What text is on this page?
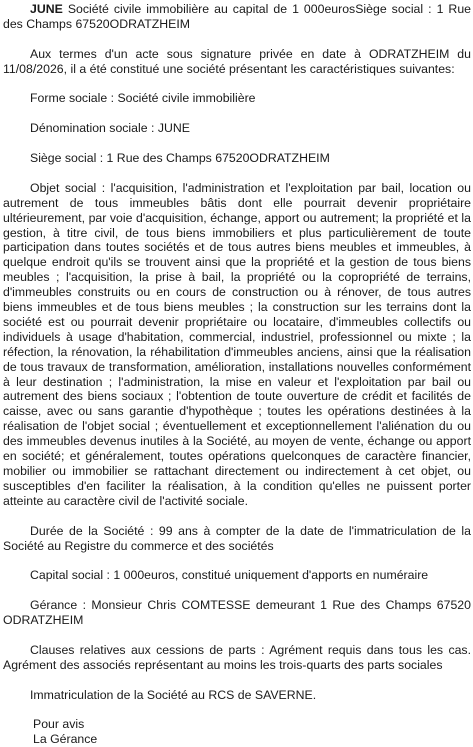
JUNE Société civile immobilière au capital de 1 000eurosSiège social : 1 Rue des Champs 67520ODRATZHEIM

Aux termes d'un acte sous signature privée en date à ODRATZHEIM du 11/08/2026, il a été constitué une société présentant les caractéristiques suivantes:

Forme sociale : Société civile immobilière

Dénomination sociale : JUNE

Siège social : 1 Rue des Champs 67520ODRATZHEIM

Objet social : l'acquisition, l'administration et l'exploitation par bail, location ou autrement de tous immeubles bâtis dont elle pourrait devenir propriétaire ultérieurement, par voie d'acquisition, échange, apport ou autrement; la propriété et la gestion, à titre civil, de tous biens immobiliers et plus particulièrement de toute participation dans toutes sociétés et de tous autres biens meubles et immeubles, à quelque endroit qu'ils se trouvent ainsi que la propriété et la gestion de tous biens meubles ; l'acquisition, la prise à bail, la propriété ou la copropriété de terrains, d'immeubles construits ou en cours de construction ou à rénover, de tous autres biens immeubles et de tous biens meubles ; la construction sur les terrains dont la société est ou pourrait devenir propriétaire ou locataire, d'immeubles collectifs ou individuels à usage d'habitation, commercial, industriel, professionnel ou mixte ; la réfection, la rénovation, la réhabilitation d'immeubles anciens, ainsi que la réalisation de tous travaux de transformation, amélioration, installations nouvelles conformément à leur destination ; l'administration, la mise en valeur et l'exploitation par bail ou autrement des biens sociaux ; l'obtention de toute ouverture de crédit et facilités de caisse, avec ou sans garantie d'hypothèque ; toutes les opérations destinées à la réalisation de l'objet social ; éventuellement et exceptionnellement l'aliénation du ou des immeubles devenus inutiles à la Société, au moyen de vente, échange ou apport en société; et généralement, toutes opérations quelconques de caractère financier, mobilier ou immobilier se rattachant directement ou indirectement à cet objet, ou susceptibles d'en faciliter la réalisation, à la condition qu'elles ne puissent porter atteinte au caractère civil de l'activité sociale.

Durée de la Société : 99 ans à compter de la date de l'immatriculation de la Société au Registre du commerce et des sociétés

Capital social : 1 000euros, constitué uniquement d'apports en numéraire

Gérance : Monsieur Chris COMTESSE demeurant 1 Rue des Champs 67520 ODRATZHEIM

Clauses relatives aux cessions de parts : Agrément requis dans tous les cas. Agrément des associés représentant au moins les trois-quarts des parts sociales

Immatriculation de la Société au RCS de SAVERNE.

Pour avis

La Gérance
